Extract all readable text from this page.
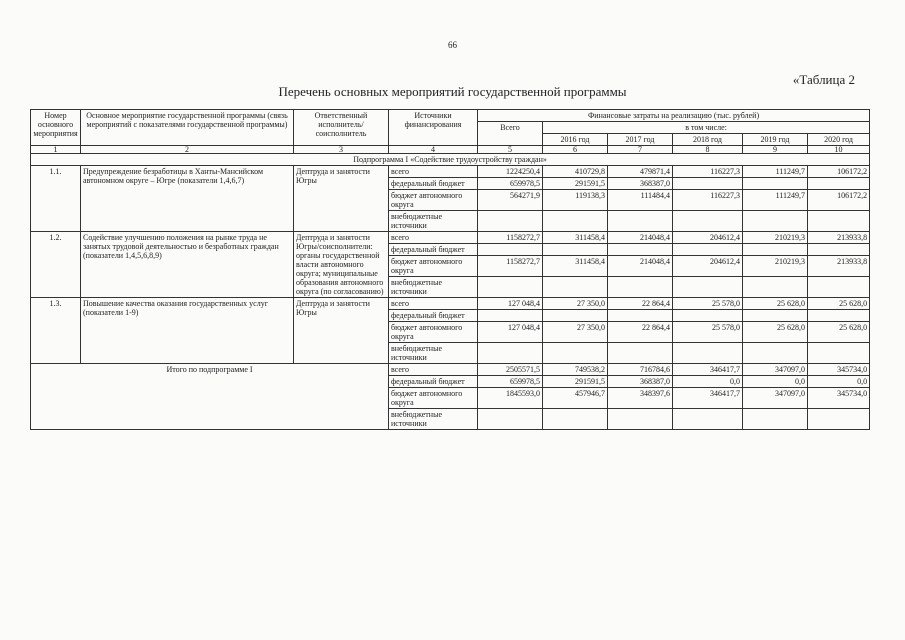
66
«Таблица 2
Перечень основных мероприятий государственной программы
Номер основного мероприятия	Основное мероприятие государственной программы (связь мероприятий с показателями государственной программы)	Ответственный исполнитель/ соисполнитель	Источники финансирования	Финансовые затраты на реализацию (тыс. рублей)					
				Всего	в том числе:				
					2016 год	2017 год	2018 год	2019 год	2020 год
1	2	3	4	5	6	7	8	9	10
Подпрограмма I «Содействие трудоустройству граждан»									
1.1.	Предупреждение безработицы в Ханты-Мансийском автономном округе – Югре (показатели 1,4,6,7)	Дептруда и занятости Югры	всего	1224250,4	410729,8	479871,4	116227,3	111249,7	106172,2
			федеральный бюджет	659978,5	291591,5	368387,0			
			бюджет автономного округа	564271,9	119138,3	111484,4	116227,3	111249,7	106172,2
			внебюджетные источники						
1.2.	Содействие улучшению положения на рынке труда не занятых трудовой деятельностью и безработных граждан (показатели 1,4,5,6,8,9)	Дептруда и занятости Югры/соисполнители: органы государственной власти автономного округа; муниципальные образования автономного округа (по согласованию)	всего	1158272,7	311458,4	214048,4	204612,4	210219,3	213933,8
			федеральный бюджет						
			бюджет автономного округа	1158272,7	311458,4	214048,4	204612,4	210219,3	213933,8
			внебюджетные источники						
1.3.	Повышение качества оказания государственных услуг (показатели 1-9)	Дептруда и занятости Югры	всего	127 048,4	27 350,0	22 864,4	25 578,0	25 628,0	25 628,0
			федеральный бюджет						
			бюджет автономного округа	127 048,4	27 350,0	22 864,4	25 578,0	25 628,0	25 628,0
			внебюджетные источники						
Итого по подпрограмме I			всего	2505571,5	749538,2	716784,6	346417,7	347097,0	345734,0
			федеральный бюджет	659978,5	291591,5	368387,0	0,0	0,0	0,0
			бюджет автономного округа	1845593,0	457946,7	348397,6	346417,7	347097,0	345734,0
			внебюджетные источники						
